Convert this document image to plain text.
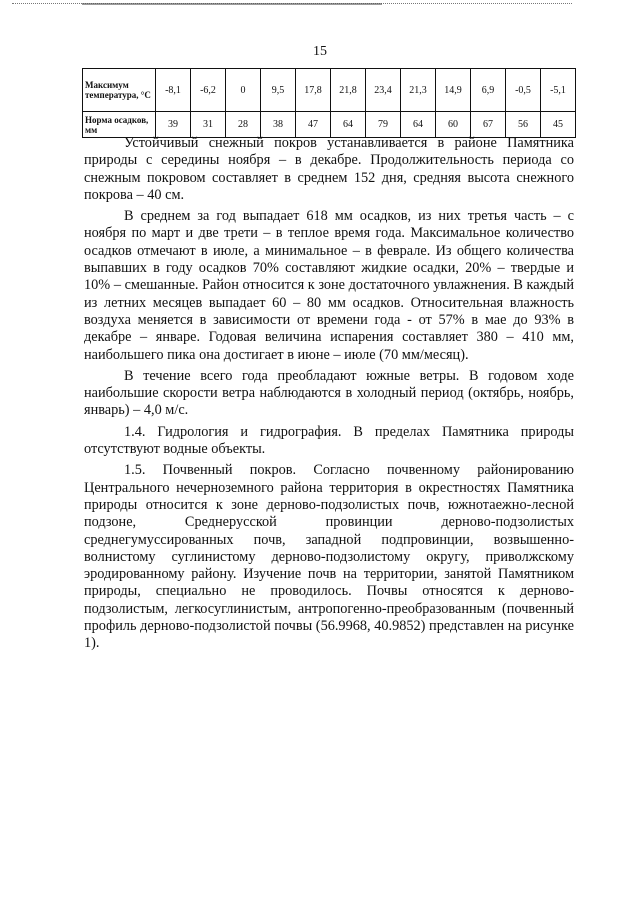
15
Максимум температура, °С	-8,1	-6,2	0	9,5	17,8	21,8	23,4	21,3	14,9	6,9	-0,5	-5,1
Норма осадков, мм	39	31	28	38	47	64	79	64	60	67	56	45

Устойчивый снежный покров устанавливается в районе Памятника природы с середины ноября – в декабре. Продолжительность периода со снежным покровом составляет в среднем 152 дня, средняя высота снежного покрова – 40 см.

В среднем за год выпадает 618 мм осадков, из них третья часть – с ноября по март и две трети – в теплое время года. Максимальное количество осадков отмечают в июле, а минимальное – в феврале. Из общего количества выпавших в году осадков 70% составляют жидкие осадки, 20% – твердые и 10% – смешанные. Район относится к зоне достаточного увлажнения. В каждый из летних месяцев выпадает 60 – 80 мм осадков. Относительная влажность воздуха меняется в зависимости от времени года - от 57% в мае до 93% в декабре – январе. Годовая величина испарения составляет 380 – 410 мм, наибольшего пика она достигает в июне – июле (70 мм/месяц).

В течение всего года преобладают южные ветры. В годовом ходе наибольшие скорости ветра наблюдаются в холодный период (октябрь, ноябрь, январь) – 4,0 м/с.

1.4. Гидрология и гидрография. В пределах Памятника природы отсутствуют водные объекты.

1.5. Почвенный покров. Согласно почвенному районированию Центрального нечерноземного района территория в окрестностях Памятника природы относится к зоне дерново-подзолистых почв, южнотаежно-лесной подзоне, Среднерусской провинции дерново-подзолистых среднегумуссированных почв, западной подпровинции, возвышенно-волнистому суглинистому дерново-подзолистому округу, приволжскому эродированному району. Изучение почв на территории, занятой Памятником природы, специально не проводилось. Почвы относятся к дерново-подзолистым, легкосуглинистым, антропогенно-преобразованным (почвенный профиль дерново-подзолистой почвы (56.9968, 40.9852) представлен на рисунке 1).
